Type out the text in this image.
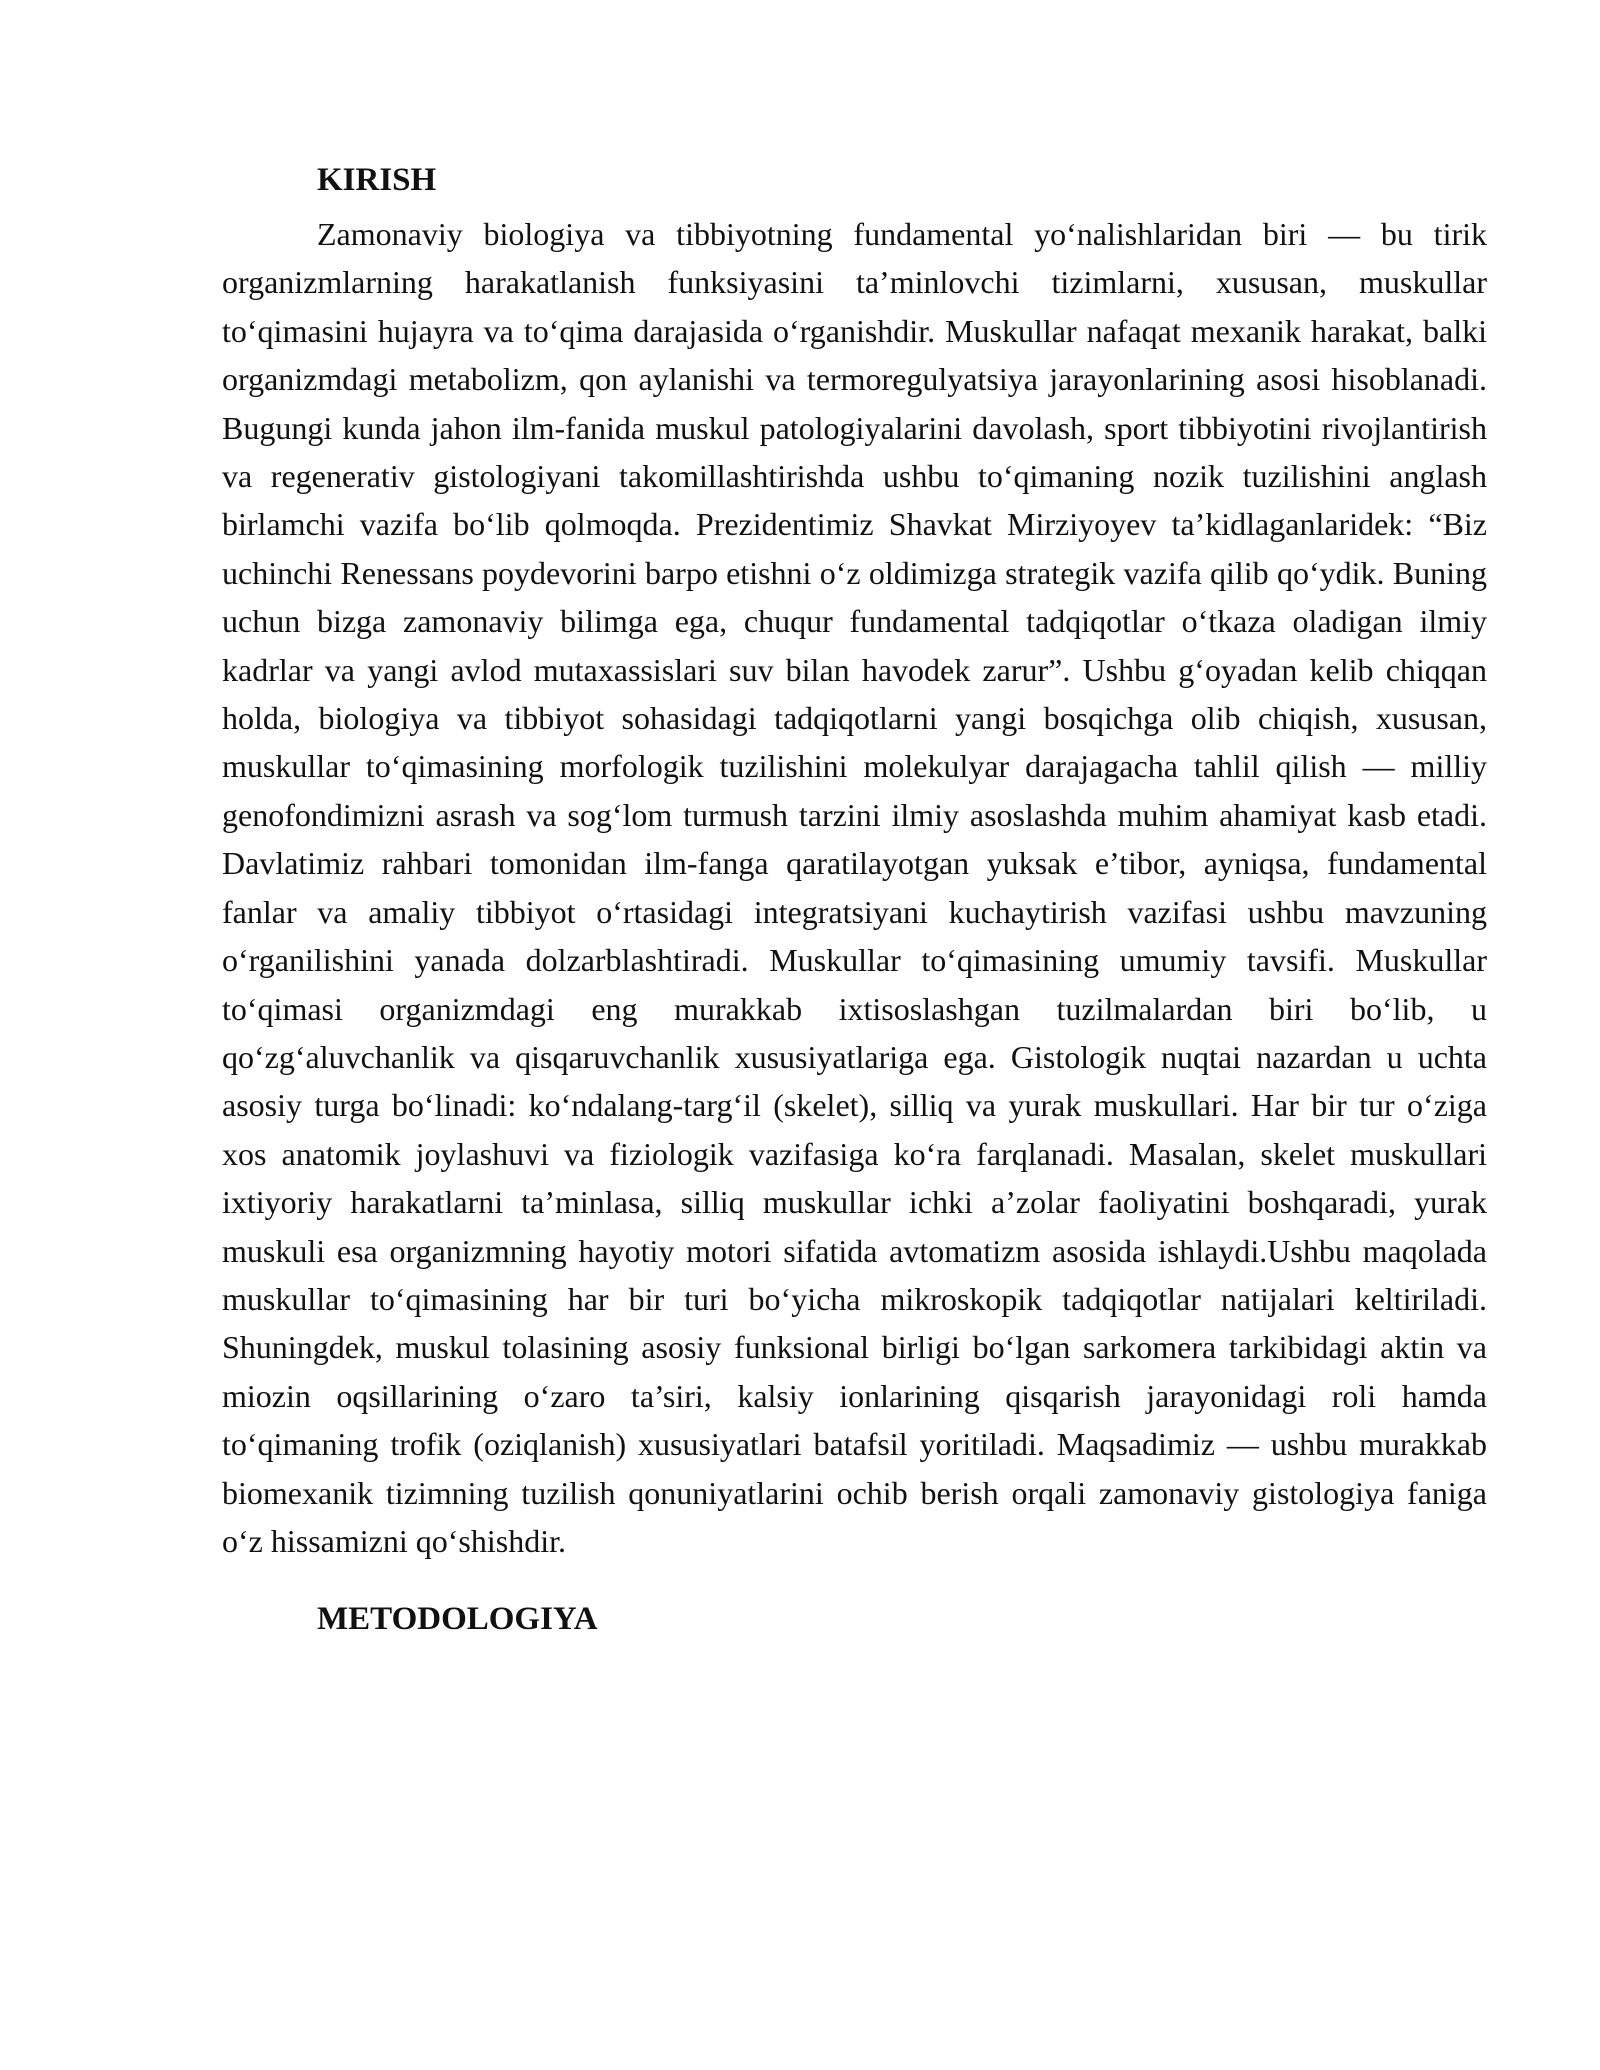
KIRISH

Zamonaviy biologiya va tibbiyotning fundamental yo‘nalishlaridan biri — bu tirik organizmlarning harakatlanish funksiyasini ta’minlovchi tizimlarni, xususan, muskullar to‘qimasini hujayra va to‘qima darajasida o‘rganishdir. Muskullar nafaqat mexanik harakat, balki organizmdagi metabolizm, qon aylanishi va termoregulyatsiya jarayonlarining asosi hisoblanadi. Bugungi kunda jahon ilm-fanida muskul patologiyalarini davolash, sport tibbiyotini rivojlantirish va regenerativ gistologiyani takomillashtirishda ushbu to‘qimaning nozik tuzilishini anglash birlamchi vazifa bo‘lib qolmoqda. Prezidentimiz Shavkat Mirziyoyev ta’kidlaganlaridek: “Biz uchinchi Renessans poydevorini barpo etishni o‘z oldimizga strategik vazifa qilib qo‘ydik. Buning uchun bizga zamonaviy bilimga ega, chuqur fundamental tadqiqotlar o‘tkaza oladigan ilmiy kadrlar va yangi avlod mutaxassislari suv bilan havodek zarur”. Ushbu g‘oyadan kelib chiqqan holda, biologiya va tibbiyot sohasidagi tadqiqotlarni yangi bosqichga olib chiqish, xususan, muskullar to‘qimasining morfologik tuzilishini molekulyar darajagacha tahlil qilish — milliy genofondimizni asrash va sog‘lom turmush tarzini ilmiy asoslashda muhim ahamiyat kasb etadi. Davlatimiz rahbari tomonidan ilm-fanga qaratilayotgan yuksak e’tibor, ayniqsa, fundamental fanlar va amaliy tibbiyot o‘rtasidagi integratsiyani kuchaytirish vazifasi ushbu mavzuning o‘rganilishini yanada dolzarblashtiradi. Muskullar to‘qimasining umumiy tavsifi. Muskullar to‘qimasi organizmdagi eng murakkab ixtisoslashgan tuzilmalardan biri bo‘lib, u qo‘zg‘aluvchanlik va qisqaruvchanlik xususiyatlariga ega. Gistologik nuqtai nazardan u uchta asosiy turga bo‘linadi: ko‘ndalang-targ‘il (skelet), silliq va yurak muskullari. Har bir tur o‘ziga xos anatomik joylashuvi va fiziologik vazifasiga ko‘ra farqlanadi. Masalan, skelet muskullari ixtiyoriy harakatlarni ta’minlasa, silliq muskullar ichki a’zolar faoliyatini boshqaradi, yurak muskuli esa organizmning hayotiy motori sifatida avtomatizm asosida ishlaydi.Ushbu maqolada muskullar to‘qimasining har bir turi bo‘yicha mikroskopik tadqiqotlar natijalari keltiriladi. Shuningdek, muskul tolasining asosiy funksional birligi bo‘lgan sarkomera tarkibidagi aktin va miozin oqsillarining o‘zaro ta’siri, kalsiy ionlarining qisqarish jarayonidagi roli hamda to‘qimaning trofik (oziqlanish) xususiyatlari batafsil yoritiladi. Maqsadimiz — ushbu murakkab biomexanik tizimning tuzilish qonuniyatlarini ochib berish orqali zamonaviy gistologiya faniga o‘z hissamizni qo‘shishdir.

METODOLOGIYA
